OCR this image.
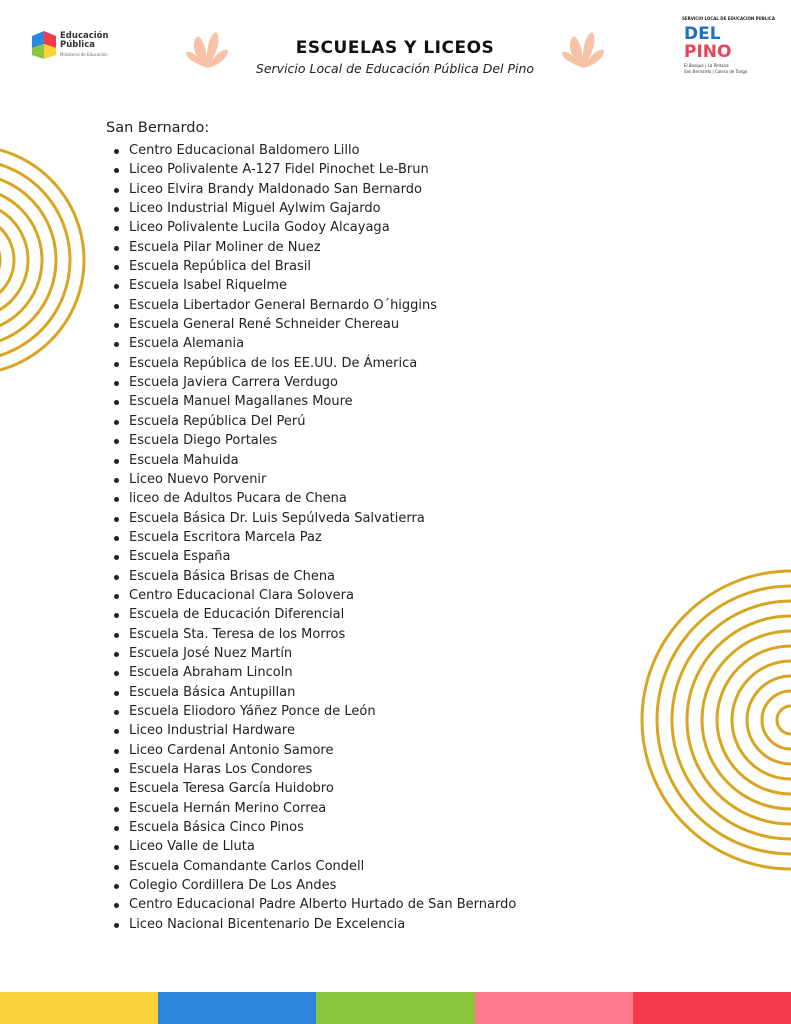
Educación
Pública
Ministerio de Educación	ESCUELAS Y LICEOS
Servicio Local de Educación Pública Del Pino
SERVICIO LOCAL DE EDUCACIÓN PÚBLICA
DEL
PINO
El Bosque | La Pintana
San Bernardo | Calera de Tango
San Bernardo:
Centro Educacional Baldomero Lillo
Liceo Polivalente A-127 Fidel Pinochet Le-Brun
Liceo Elvira Brandy Maldonado San Bernardo
Liceo Industrial Miguel Aylwim Gajardo
Liceo Polivalente Lucila Godoy Alcayaga
Escuela Pilar Moliner de Nuez
Escuela República del Brasil
Escuela Isabel Riquelme
Escuela Libertador General Bernardo O´higgins
Escuela General René Schneider Chereau
Escuela Alemania
Escuela República de los EE.UU. De Ámerica
Escuela Javiera Carrera Verdugo
Escuela Manuel Magallanes Moure
Escuela República Del Perú
Escuela Diego Portales
Escuela Mahuida
Liceo Nuevo Porvenir
liceo de Adultos Pucara de Chena
Escuela Básica Dr. Luis Sepúlveda Salvatierra
Escuela Escritora Marcela Paz
Escuela España
Escuela Básica Brisas de Chena
Centro Educacional Clara Solovera
Escuela de Educación Diferencial
Escuela Sta. Teresa de los Morros
Escuela José Nuez Martín
Escuela Abraham Lincoln
Escuela Básica Antupillan
Escuela Eliodoro Yáñez Ponce de León
Liceo Industrial Hardware
Liceo Cardenal Antonio Samore
Escuela Haras Los Condores
Escuela Teresa García Huidobro
Escuela Hernán Merino Correa
Escuela Básica Cinco Pinos
Liceo Valle de Lluta
Escuela Comandante Carlos Condell
Colegio Cordillera De Los Andes
Centro Educacional Padre Alberto Hurtado de San Bernardo
Liceo Nacional Bicentenario De Excelencia
